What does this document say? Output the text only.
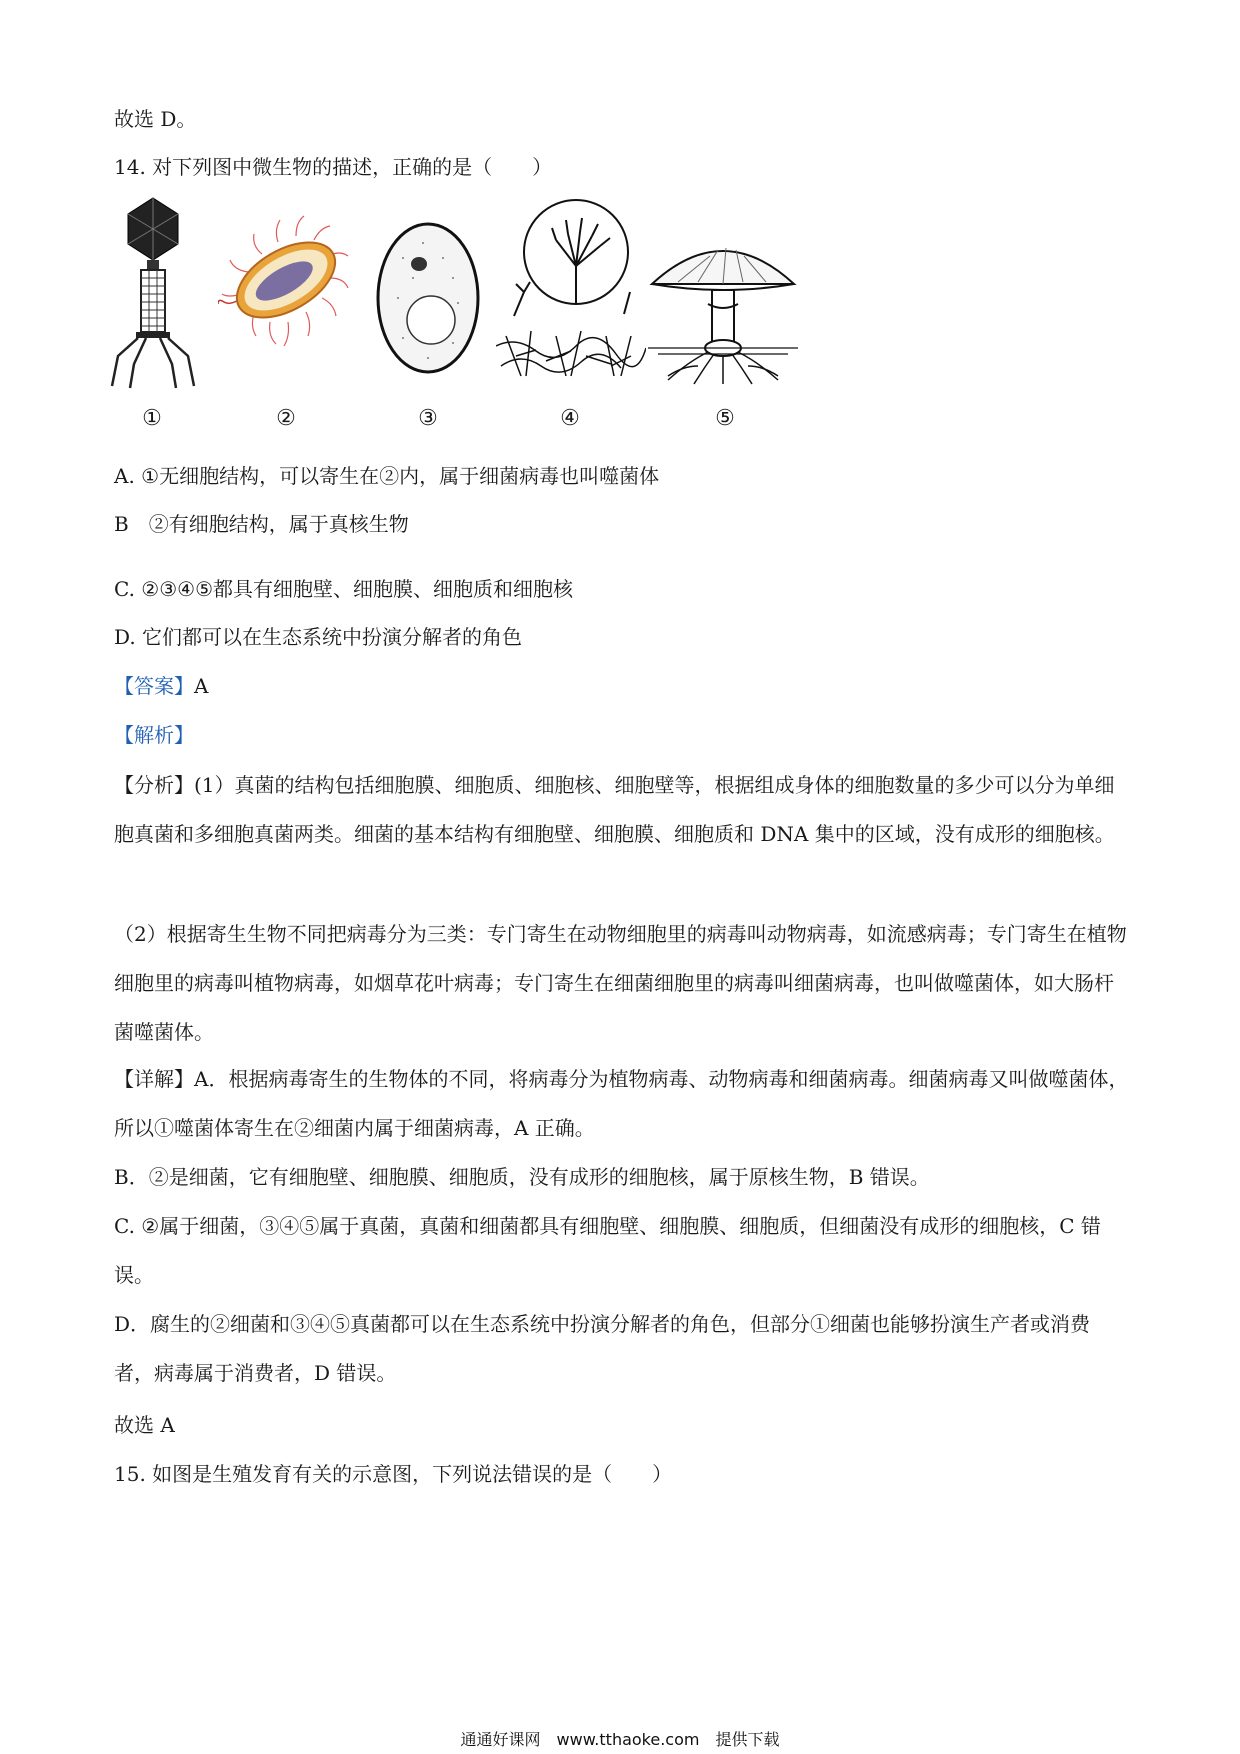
故选 D。
14. 对下列图中微生物的描述，正确的是（　　）
①	②	③	④	⑤
A. ①无细胞结构，可以寄生在②内，属于细菌病毒也叫噬菌体
B　②有细胞结构，属于真核生物
C. ②③④⑤都具有细胞壁、细胞膜、细胞质和细胞核
D. 它们都可以在生态系统中扮演分解者的角色
【答案】A
【解析】
【分析】(1）真菌的结构包括细胞膜、细胞质、细胞核、细胞壁等，根据组成身体的细胞数量的多少可以分为单细胞真菌和多细胞真菌两类。细菌的基本结构有细胞壁、细胞膜、细胞质和 DNA 集中的区域，没有成形的细胞核。
（2）根据寄生生物不同把病毒分为三类：专门寄生在动物细胞里的病毒叫动物病毒，如流感病毒；专门寄生在植物细胞里的病毒叫植物病毒，如烟草花叶病毒；专门寄生在细菌细胞里的病毒叫细菌病毒，也叫做噬菌体，如大肠杆菌噬菌体。
【详解】A．根据病毒寄生的生物体的不同，将病毒分为植物病毒、动物病毒和细菌病毒。细菌病毒又叫做噬菌体，所以①噬菌体寄生在②细菌内属于细菌病毒，A 正确。
B．②是细菌，它有细胞壁、细胞膜、细胞质，没有成形的细胞核，属于原核生物，B 错误。
C. ②属于细菌，③④⑤属于真菌，真菌和细菌都具有细胞壁、细胞膜、细胞质，但细菌没有成形的细胞核，C 错误。
D．腐生的②细菌和③④⑤真菌都可以在生态系统中扮演分解者的角色，但部分①细菌也能够扮演生产者或消费者，病毒属于消费者，D 错误。
故选 A
15. 如图是生殖发育有关的示意图，下列说法错误的是（　　）
通通好课网　www.tthaoke.com　提供下载
